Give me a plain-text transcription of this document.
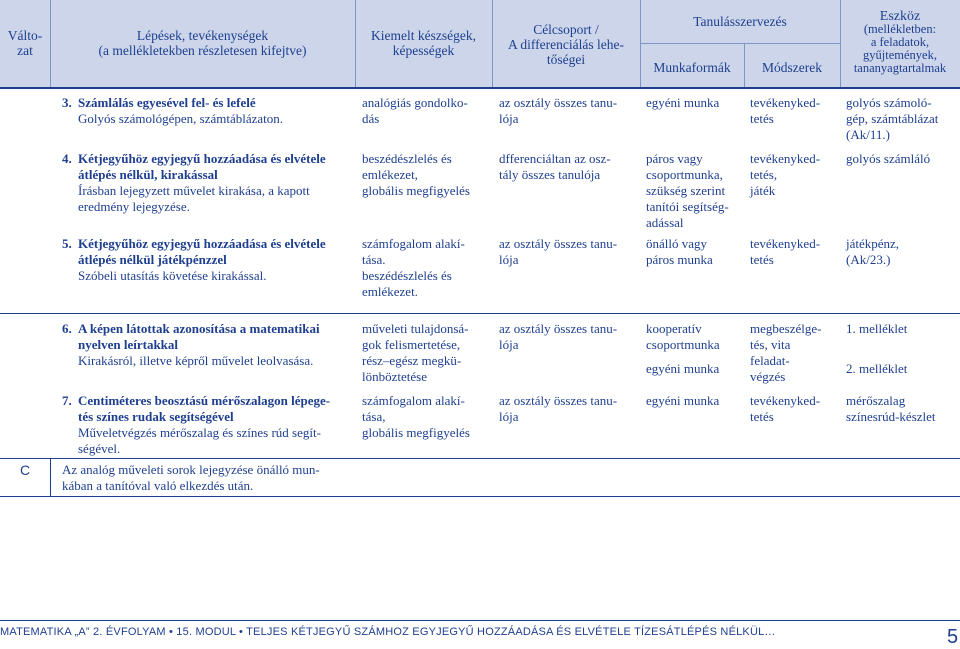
Válto-
zat
Lépések, tevékenységek
(a mellékletekben részletesen kifejtve)
Kiemelt készségek,
képességek
Célcsoport /
A differenciálás lehe-
tőségei
Tanulásszervezés
Munkaformák	Módszerek
Eszköz
(mellékletben:
a feladatok,
gyűjtemények,
tananyagtartalmak
3. Számlálás egyesével fel- és lefelé
Golyós számológépen, számtáblázaton.
analógiás gondolko-
dás
az osztály összes tanu-
lója
egyéni munka tevékenyked-
tetés
golyós számoló-
gép, számtáblázat
(Ak/11.)
4. Kétjegyűhöz egyjegyű hozzáadása és elvétele
átlépés nélkül, kirakással
Írásban lejegyzett művelet kirakása, a kapott
eredmény lejegyzése.
beszédészlelés és
emlékezet,
globális megfigyelés
dfferenciáltan az osz-
tály összes tanulója
páros vagy
csoportmunka,
szükség szerint
tanítói segítség-
adással
tevékenyked-
tetés,
játék
golyós számláló
5. Kétjegyűhöz egyjegyű hozzáadása és elvétele
átlépés nélkül játékpénzzel
Szóbeli utasítás követése kirakással.
számfogalom alakí-
tása.
beszédészlelés és
emlékezet.
az osztály összes tanu-
lója
önálló vagy
páros munka
tevékenyked-
tetés
játékpénz,
(Ak/23.)
6. A képen látottak azonosítása a matematikai
nyelven leírtakkal
Kirakásról, illetve képről művelet leolvasása.
műveleti tulajdonsá-
gok felismertetése,
rész–egész megkü-
lönböztetése
az osztály összes tanu-
lója
kooperatív
csoportmunka
egyéni munka
megbeszélge-
tés, vita
feladat-
végzés
1. melléklet
2. melléklet
7. Centiméteres beosztású mérőszalagon lépege-
tés színes rudak segítségével
Műveletvégzés mérőszalag és színes rúd segít-
ségével.
számfogalom alakí-
tása,
globális megfigyelés
az osztály összes tanu-
lója
egyéni munka tevékenyked-
tetés
mérőszalag
színesrúd-készlet
C Az analóg műveleti sorok lejegyzése önálló mun-
kában a tanítóval való elkezdés után.
MATEMATIKA „A” 2. ÉVFOLYAM • 15. MODUL • TELJES KÉTJEGYŰ SZÁMHOZ EGYJEGYŰ HOZZÁADÁSA ÉS ELVÉTELE TÍZESÁTLÉPÉS NÉLKÜL…	5
